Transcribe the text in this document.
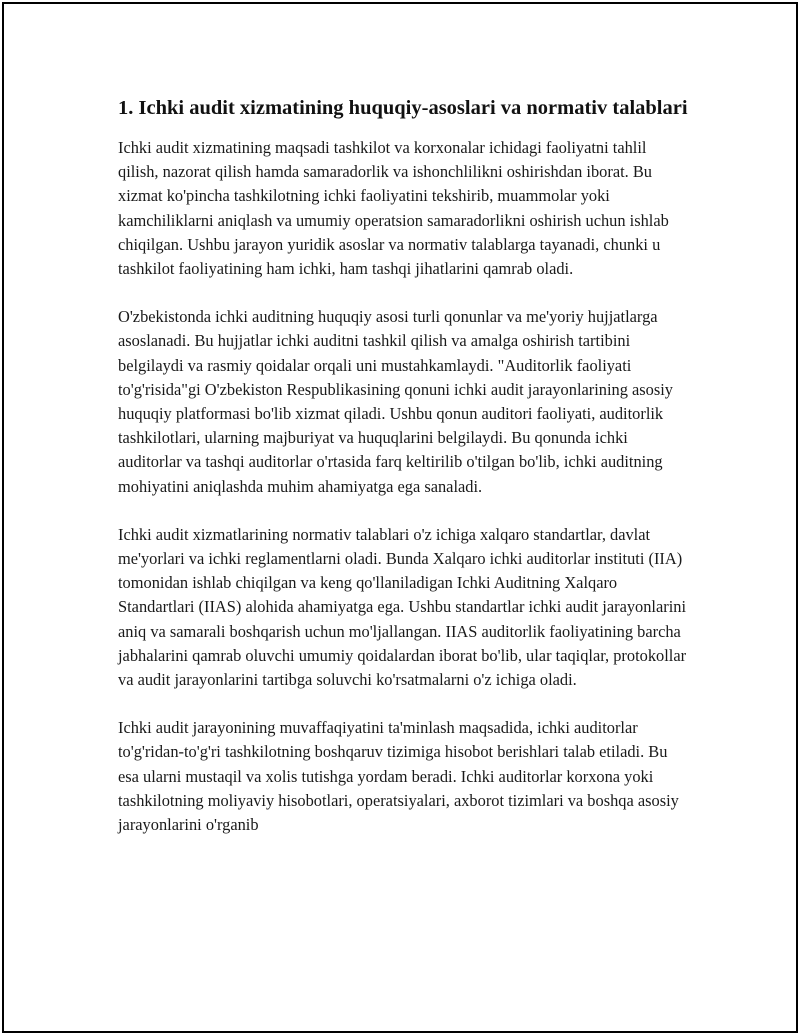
1. Ichki audit xizmatining huquqiy-asoslari va normativ talablari

Ichki audit xizmatining maqsadi tashkilot va korxonalar ichidagi faoliyatni tahlil qilish, nazorat qilish hamda samaradorlik va ishonchlilikni oshirishdan iborat. Bu xizmat ko'pincha tashkilotning ichki faoliyatini tekshirib, muammolar yoki kamchiliklarni aniqlash va umumiy operatsion samaradorlikni oshirish uchun ishlab chiqilgan. Ushbu jarayon yuridik asoslar va normativ talablarga tayanadi, chunki u tashkilot faoliyatining ham ichki, ham tashqi jihatlarini qamrab oladi.

O'zbekistonda ichki auditning huquqiy asosi turli qonunlar va me'yoriy hujjatlarga asoslanadi. Bu hujjatlar ichki auditni tashkil qilish va amalga oshirish tartibini belgilaydi va rasmiy qoidalar orqali uni mustahkamlaydi. "Auditorlik faoliyati to'g'risida"gi O'zbekiston Respublikasining qonuni ichki audit jarayonlarining asosiy huquqiy platformasi bo'lib xizmat qiladi. Ushbu qonun auditori faoliyati, auditorlik tashkilotlari, ularning majburiyat va huquqlarini belgilaydi. Bu qonunda ichki auditorlar va tashqi auditorlar o'rtasida farq keltirilib o'tilgan bo'lib, ichki auditning mohiyatini aniqlashda muhim ahamiyatga ega sanaladi.

Ichki audit xizmatlarining normativ talablari o'z ichiga xalqaro standartlar, davlat me'yorlari va ichki reglamentlarni oladi. Bunda Xalqaro ichki auditorlar instituti (IIA) tomonidan ishlab chiqilgan va keng qo'llaniladigan Ichki Auditning Xalqaro Standartlari (IIAS) alohida ahamiyatga ega. Ushbu standartlar ichki audit jarayonlarini aniq va samarali boshqarish uchun mo'ljallangan. IIAS auditorlik faoliyatining barcha jabhalarini qamrab oluvchi umumiy qoidalardan iborat bo'lib, ular taqiqlar, protokollar va audit jarayonlarini tartibga soluvchi ko'rsatmalarni o'z ichiga oladi.

Ichki audit jarayonining muvaffaqiyatini ta'minlash maqsadida, ichki auditorlar to'g'ridan-to'g'ri tashkilotning boshqaruv tizimiga hisobot berishlari talab etiladi. Bu esa ularni mustaqil va xolis tutishga yordam beradi. Ichki auditorlar korxona yoki tashkilotning moliyaviy hisobotlari, operatsiyalari, axborot tizimlari va boshqa asosiy jarayonlarini o'rganib
